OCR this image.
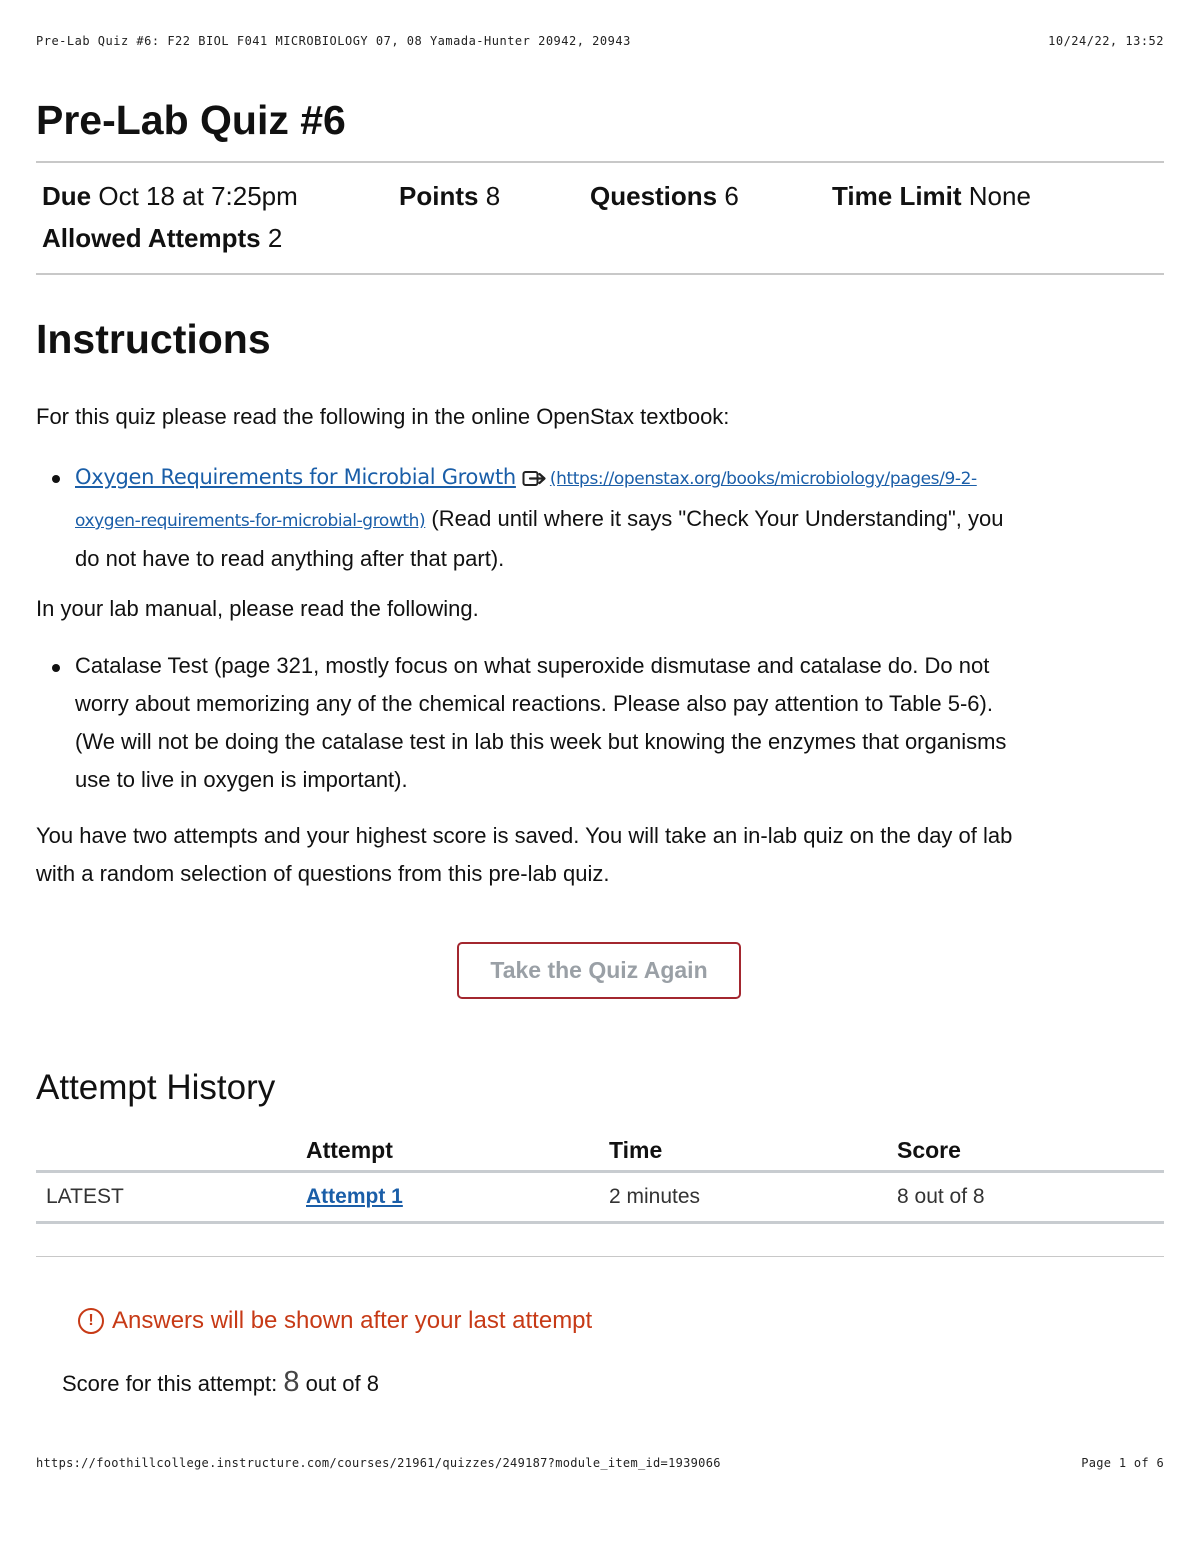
Pre-Lab Quiz #6: F22 BIOL F041 MICROBIOLOGY 07, 08 Yamada-Hunter 20942, 20943	10/24/22, 13:52
Pre-Lab Quiz #6
Due Oct 18 at 7:25pm	Points 8	Questions 6	Time Limit None
Allowed Attempts 2
Instructions

For this quiz please read the following in the online OpenStax textbook:

Oxygen Requirements for Microbial Growth (https://openstax.org/books/microbiology/pages/9-2-
oxygen-requirements-for-microbial-growth) (Read until where it says "Check Your Understanding", you
do not have to read anything after that part).

In your lab manual, please read the following.

Catalase Test (page 321, mostly focus on what superoxide dismutase and catalase do. Do not
worry about memorizing any of the chemical reactions. Please also pay attention to Table 5-6).
(We will not be doing the catalase test in lab this week but knowing the enzymes that organisms
use to live in oxygen is important).
You have two attempts and your highest score is saved. You will take an in-lab quiz on the day of lab
with a random selection of questions from this pre-lab quiz.
Take the Quiz Again
Attempt History
	Attempt	Time	Score
LATEST	Attempt 1	2 minutes	8 out of 8
! Answers will be shown after your last attempt
Score for this attempt: 8 out of 8
https://foothillcollege.instructure.com/courses/21961/quizzes/249187?module_item_id=1939066	Page 1 of 6
